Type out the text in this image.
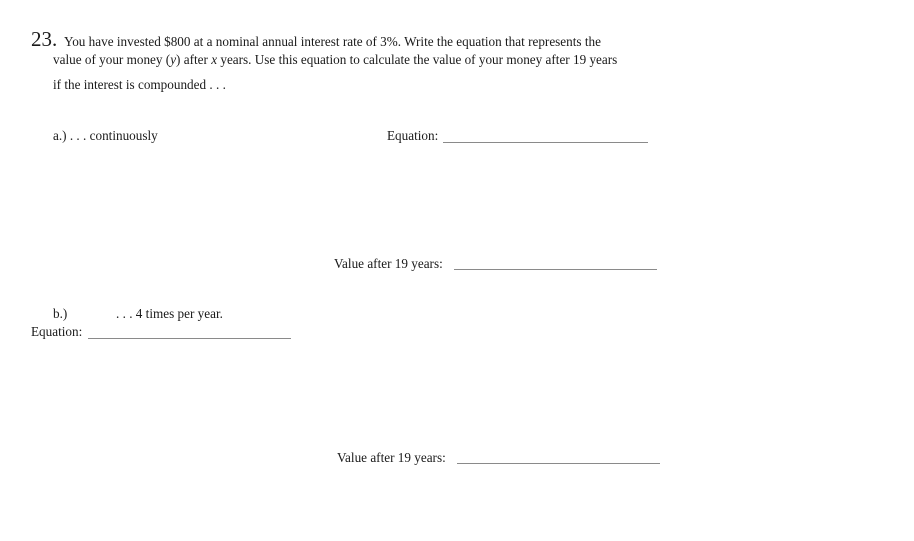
23. You have invested $800 at a nominal annual interest rate of 3%. Write the equation that represents the
value of your money (y) after x years. Use this equation to calculate the value of your money after 19 years
if the interest is compounded . . .
a.) . . . continuously	Equation:
Value after 19 years:
b.)	. . . 4 times per year.
Equation:
Value after 19 years:
